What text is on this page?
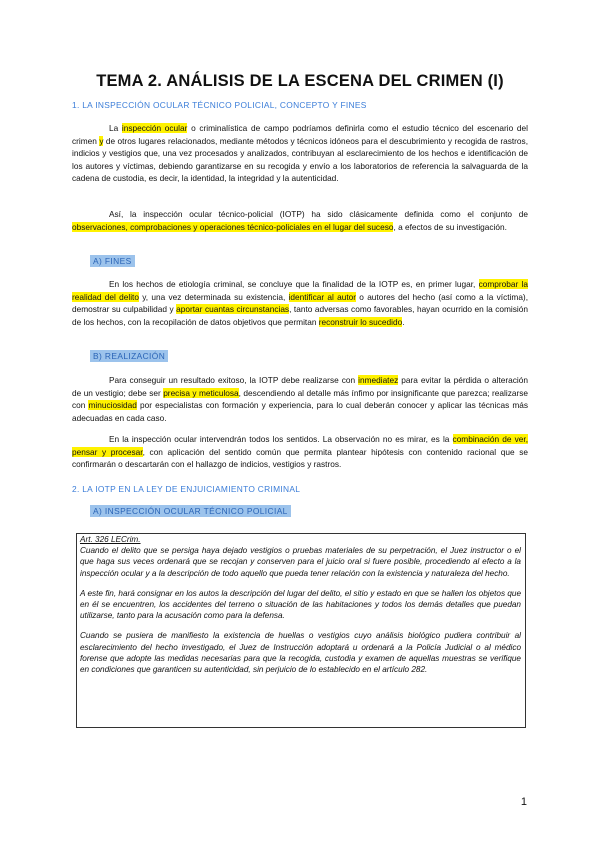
TEMA 2. ANÁLISIS DE LA ESCENA DEL CRIMEN (I)
1. LA INSPECCIÓN OCULAR TÉCNICO POLICIAL, CONCEPTO Y FINES
La inspección ocular o criminalística de campo podríamos definirla como el estudio técnico del escenario del crimen y de otros lugares relacionados, mediante métodos y técnicos idóneos para el descubrimiento y recogida de rastros, indicios y vestigios que, una vez procesados y analizados, contribuyan al esclarecimiento de los hechos e identificación de los autores y víctimas, debiendo garantizarse en su recogida y envío a los laboratorios de referencia la salvaguarda de la cadena de custodia, es decir, la identidad, la integridad y la autenticidad.
Así, la inspección ocular técnico-policial (IOTP) ha sido clásicamente definida como el conjunto de observaciones, comprobaciones y operaciones técnico-policiales en el lugar del suceso, a efectos de su investigación.
A) FINES
En los hechos de etiología criminal, se concluye que la finalidad de la IOTP es, en primer lugar, comprobar la realidad del delito y, una vez determinada su existencia, identificar al autor o autores del hecho (así como a la víctima), demostrar su culpabilidad y aportar cuantas circunstancias, tanto adversas como favorables, hayan ocurrido en la comisión de los hechos, con la recopilación de datos objetivos que permitan reconstruir lo sucedido.
B) REALIZACIÓN
Para conseguir un resultado exitoso, la IOTP debe realizarse con inmediatez para evitar la pérdida o alteración de un vestigio; debe ser precisa y meticulosa, descendiendo al detalle más ínfimo por insignificante que parezca; realizarse con minuciosidad por especialistas con formación y experiencia, para lo cual deberán conocer y aplicar las técnicas más adecuadas en cada caso.
En la inspección ocular intervendrán todos los sentidos. La observación no es mirar, es la combinación de ver, pensar y procesar, con aplicación del sentido común que permita plantear hipótesis con contenido racional que se confirmarán o descartarán con el hallazgo de indicios, vestigios y rastros.
2. LA IOTP EN LA LEY DE ENJUICIAMIENTO CRIMINAL
A) INSPECCIÓN OCULAR TÉCNICO POLICIAL
Art. 326 LECrim.
Cuando el delito que se persiga haya dejado vestigios o pruebas materiales de su perpetración, el Juez instructor o el que haga sus veces ordenará que se recojan y conserven para el juicio oral si fuere posible, procediendo al efecto a la inspección ocular y a la descripción de todo aquello que pueda tener relación con la existencia y naturaleza del hecho.
A este fin, hará consignar en los autos la descripción del lugar del delito, el sitio y estado en que se hallen los objetos que en él se encuentren, los accidentes del terreno o situación de las habitaciones y todos los demás detalles que puedan utilizarse, tanto para la acusación como para la defensa.
Cuando se pusiera de manifiesto la existencia de huellas o vestigios cuyo análisis biológico pudiera contribuir al esclarecimiento del hecho investigado, el Juez de Instrucción adoptará u ordenará a la Policía Judicial o al médico forense que adopte las medidas necesarias para que la recogida, custodia y examen de aquellas muestras se verifique en condiciones que garanticen su autenticidad, sin perjuicio de lo establecido en el artículo 282.
1
